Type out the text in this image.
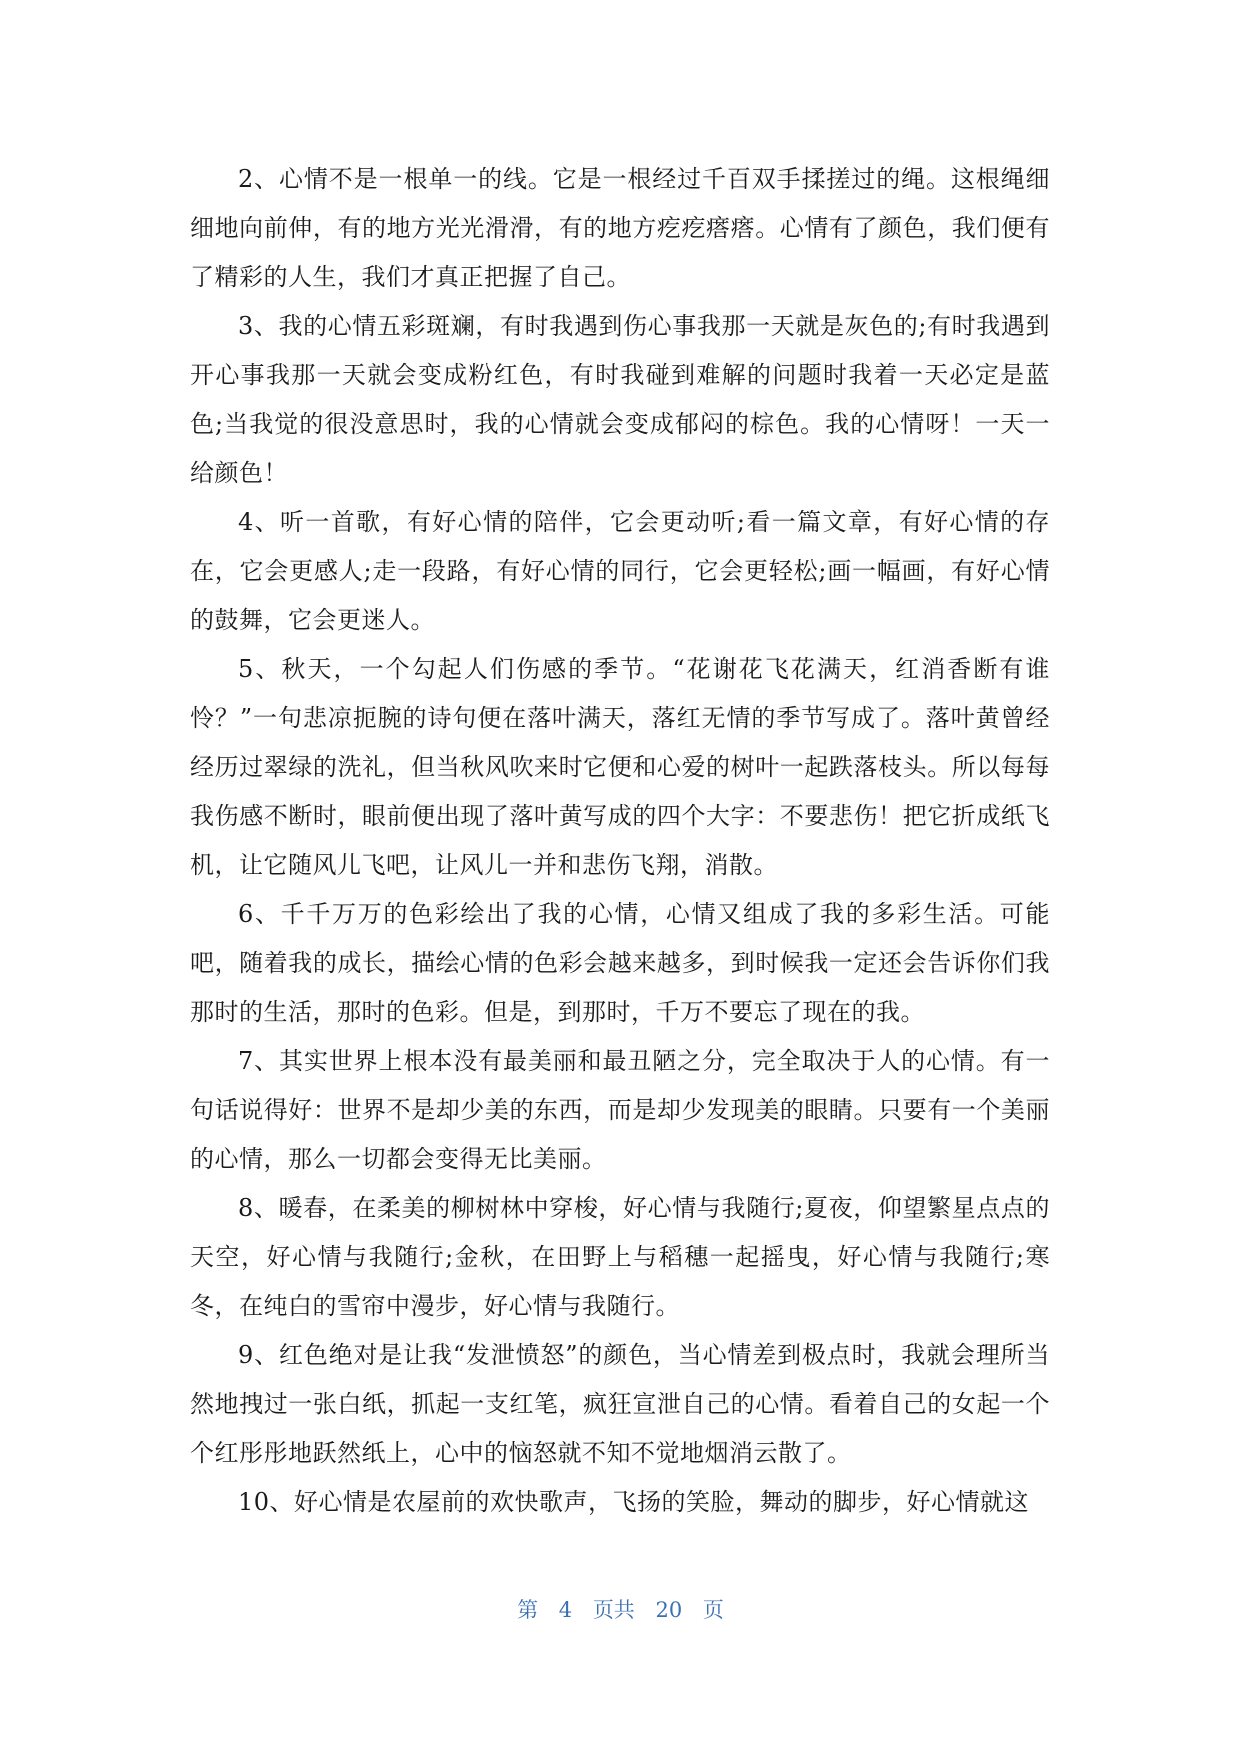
2、心情不是一根单一的线。它是一根经过千百双手揉搓过的绳。这根绳细细地向前伸，有的地方光光滑滑，有的地方疙疙瘩瘩。心情有了颜色，我们便有了精彩的人生，我们才真正把握了自己。

3、我的心情五彩斑斓，有时我遇到伤心事我那一天就是灰色的;有时我遇到开心事我那一天就会变成粉红色，有时我碰到难解的问题时我着一天必定是蓝色;当我觉的很没意思时，我的心情就会变成郁闷的棕色。我的心情呀！一天一给颜色！

4、听一首歌，有好心情的陪伴，它会更动听;看一篇文章，有好心情的存在，它会更感人;走一段路，有好心情的同行，它会更轻松;画一幅画，有好心情的鼓舞，它会更迷人。

5、秋天，一个勾起人们伤感的季节。“花谢花飞花满天，红消香断有谁怜？”一句悲凉扼腕的诗句便在落叶满天，落红无情的季节写成了。落叶黄曾经经历过翠绿的洗礼，但当秋风吹来时它便和心爱的树叶一起跌落枝头。所以每每我伤感不断时，眼前便出现了落叶黄写成的四个大字：不要悲伤！把它折成纸飞机，让它随风儿飞吧，让风儿一并和悲伤飞翔，消散。

6、千千万万的色彩绘出了我的心情，心情又组成了我的多彩生活。可能吧，随着我的成长，描绘心情的色彩会越来越多，到时候我一定还会告诉你们我那时的生活，那时的色彩。但是，到那时，千万不要忘了现在的我。

7、其实世界上根本没有最美丽和最丑陋之分，完全取决于人的心情。有一句话说得好：世界不是却少美的东西，而是却少发现美的眼睛。只要有一个美丽的心情，那么一切都会变得无比美丽。

8、暖春，在柔美的柳树林中穿梭，好心情与我随行;夏夜，仰望繁星点点的天空，好心情与我随行;金秋，在田野上与稻穗一起摇曳，好心情与我随行;寒冬，在纯白的雪帘中漫步，好心情与我随行。

9、红色绝对是让我“发泄愤怒”的颜色，当心情差到极点时，我就会理所当然地拽过一张白纸，抓起一支红笔，疯狂宣泄自己的心情。看着自己的女起一个个红彤彤地跃然纸上，心中的恼怒就不知不觉地烟消云散了。

10、好心情是农屋前的欢快歌声，飞扬的笑脸，舞动的脚步，好心情就这

第 4 页共 20 页
